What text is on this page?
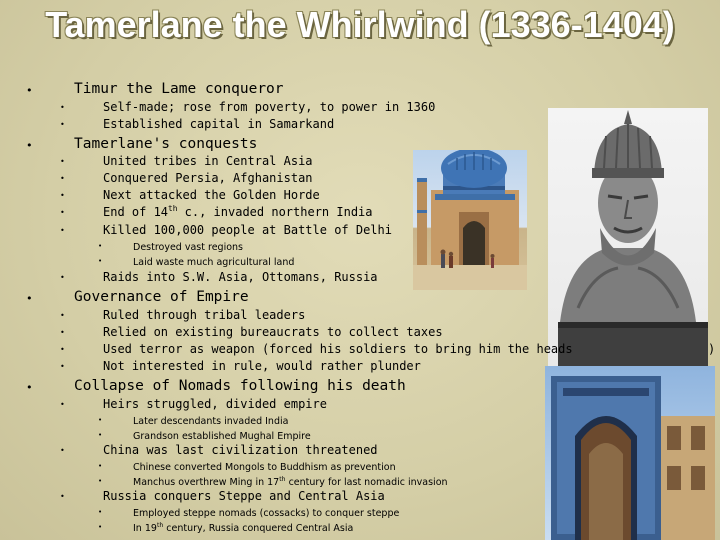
Tamerlane the Whirlwind (1336-1404)
•	Timur the Lame conqueror
•	Self-made; rose from poverty, to power in 1360
•	Established capital in Samarkand
•	Tamerlane's conquests
•	United tribes in Central Asia
•	Conquered Persia, Afghanistan
•	Next attacked the Golden Horde
•	End of 14th c., invaded northern India
•	Killed 100,000 people at Battle of Delhi
•	Destroyed vast regions
•	Laid waste much agricultural land
•	Raids into S.W. Asia, Ottomans, Russia
•	Governance of Empire
•	Ruled through tribal leaders
•	Relied on existing bureaucrats to collect taxes
•	Used terror as weapon (forced his soldiers to bring him the heads	)
•	Not interested in rule, would rather plunder
•	Collapse of Nomads following his death
•	Heirs struggled, divided empire
•	Later descendants invaded India
•	Grandson established Mughal Empire
•	China was last civilization threatened
•	Chinese converted Mongols to Buddhism as prevention
•	Manchus overthrew Ming in 17th century for last nomadic invasion
•	Russia conquers Steppe and Central Asia
•	Employed steppe nomads (cossacks) to conquer steppe
•	In 19th century, Russia conquered Central Asia
